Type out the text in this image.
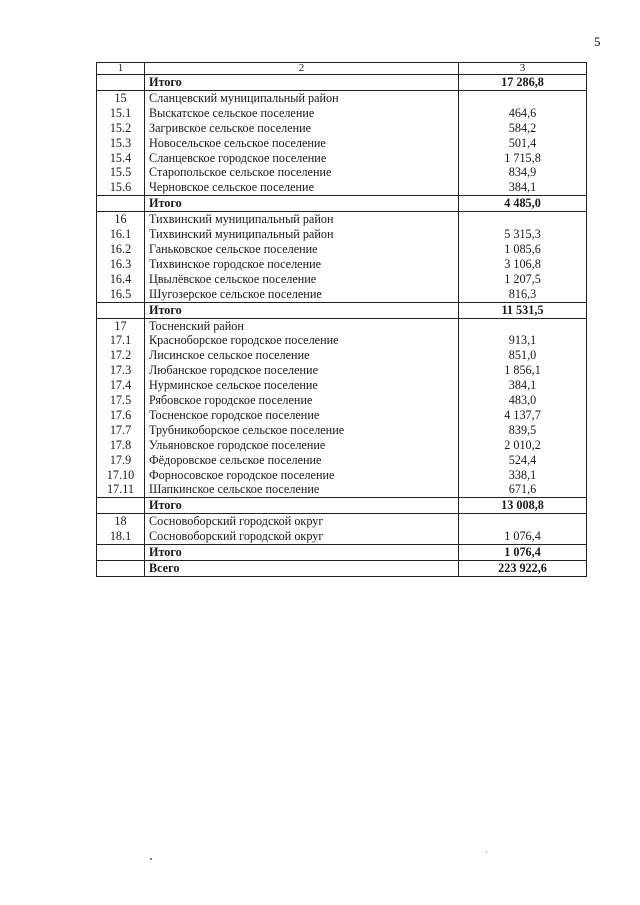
5
1	2	3
	Итого	17 286,8
15	Сланцевский муниципальный район	
15.1	Выскатское сельское поселение	464,6
15.2	Загривское сельское поселение	584,2
15.3	Новосельское сельское поселение	501,4
15.4	Сланцевское городское поселение	1 715,8
15.5	Старопольское сельское поселение	834,9
15.6	Черновское сельское поселение	384,1
	Итого	4 485,0
16	Тихвинский муниципальный район	
16.1	Тихвинский муниципальный район	5 315,3
16.2	Ганьковское сельское поселение	1 085,6
16.3	Тихвинское городское поселение	3 106,8
16.4	Цвылёвское сельское поселение	1 207,5
16.5	Шугозерское сельское поселение	816,3
	Итого	11 531,5
17	Тосненский район	
17.1	Красноборское городское поселение	913,1
17.2	Лисинское сельское поселение	851,0
17.3	Любанское городское поселение	1 856,1
17.4	Нурминское сельское поселение	384,1
17.5	Рябовское городское поселение	483,0
17.6	Тосненское городское поселение	4 137,7
17.7	Трубникоборское сельское поселение	839,5
17.8	Ульяновское городское поселение	2 010,2
17.9	Фёдоровское сельское поселение	524,4
17.10	Форносовское городское поселение	338,1
17.11	Шапкинское сельское поселение	671,6
	Итого	13 008,8
18	Сосновоборский городской округ	
18.1	Сосновоборский городской округ	1 076,4
	Итого	1 076,4
	Всего	223 922,6
